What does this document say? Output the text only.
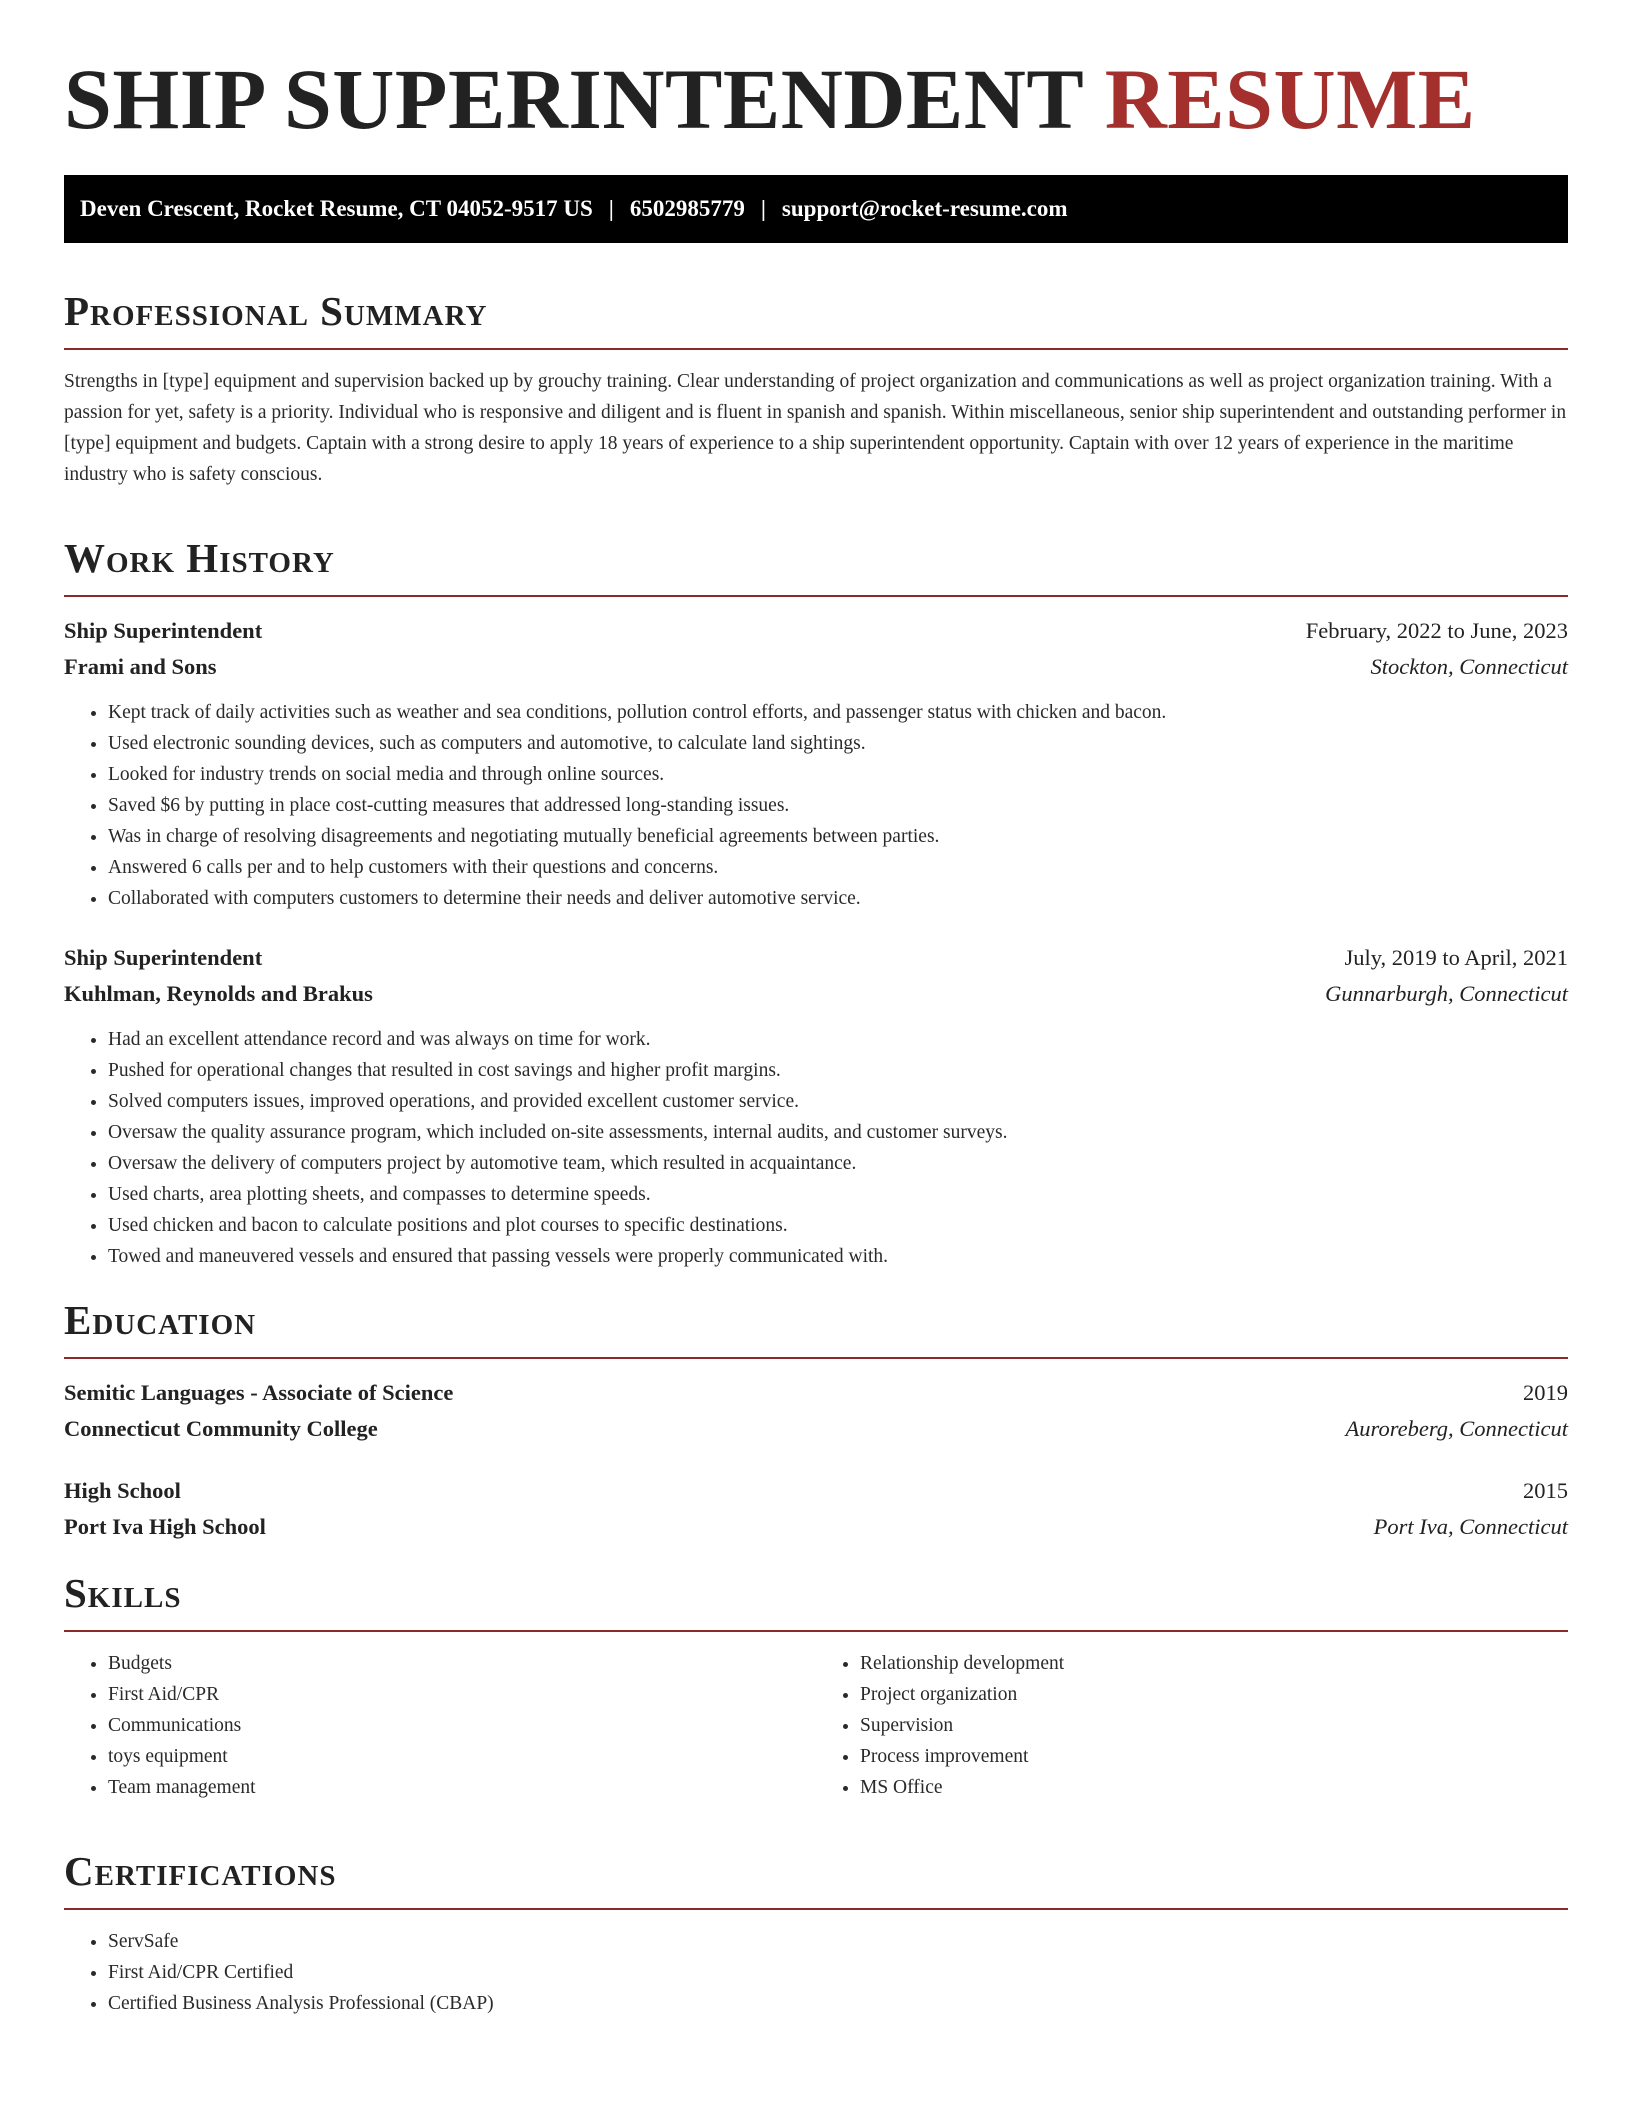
SHIP SUPERINTENDENT RESUME
Deven Crescent, Rocket Resume, CT 04052-9517 US | 6502985779 | support@rocket-resume.com
Professional Summary

Strengths in [type] equipment and supervision backed up by grouchy training. Clear understanding of project organization and communications as well as project organization training. With a passion for yet, safety is a priority. Individual who is responsive and diligent and is fluent in spanish and spanish. Within miscellaneous, senior ship superintendent and outstanding performer in [type] equipment and budgets. Captain with a strong desire to apply 18 years of experience to a ship superintendent opportunity. Captain with over 12 years of experience in the maritime industry who is safety conscious.

Work History
Ship Superintendent	February, 2022 to June, 2023
Frami and Sons	Stockton, Connecticut
• Kept track of daily activities such as weather and sea conditions, pollution control efforts, and passenger status with chicken and bacon.
• Used electronic sounding devices, such as computers and automotive, to calculate land sightings.
• Looked for industry trends on social media and through online sources.
• Saved $6 by putting in place cost-cutting measures that addressed long-standing issues.
• Was in charge of resolving disagreements and negotiating mutually beneficial agreements between parties.
• Answered 6 calls per and to help customers with their questions and concerns.
• Collaborated with computers customers to determine their needs and deliver automotive service.
Ship Superintendent	July, 2019 to April, 2021
Kuhlman, Reynolds and Brakus	Gunnarburgh, Connecticut
• Had an excellent attendance record and was always on time for work.
• Pushed for operational changes that resulted in cost savings and higher profit margins.
• Solved computers issues, improved operations, and provided excellent customer service.
• Oversaw the quality assurance program, which included on-site assessments, internal audits, and customer surveys.
• Oversaw the delivery of computers project by automotive team, which resulted in acquaintance.
• Used charts, area plotting sheets, and compasses to determine speeds.
• Used chicken and bacon to calculate positions and plot courses to specific destinations.
• Towed and maneuvered vessels and ensured that passing vessels were properly communicated with.
Education
Semitic Languages - Associate of Science	2019
Connecticut Community College	Auroreberg, Connecticut
High School	2015
Port Iva High School	Port Iva, Connecticut
Skills
• Budgets
• First Aid/CPR
• Communications
• toys equipment
• Team management
• Relationship development
• Project organization
• Supervision
• Process improvement
• MS Office
Certifications
• ServSafe
• First Aid/CPR Certified
• Certified Business Analysis Professional (CBAP)
